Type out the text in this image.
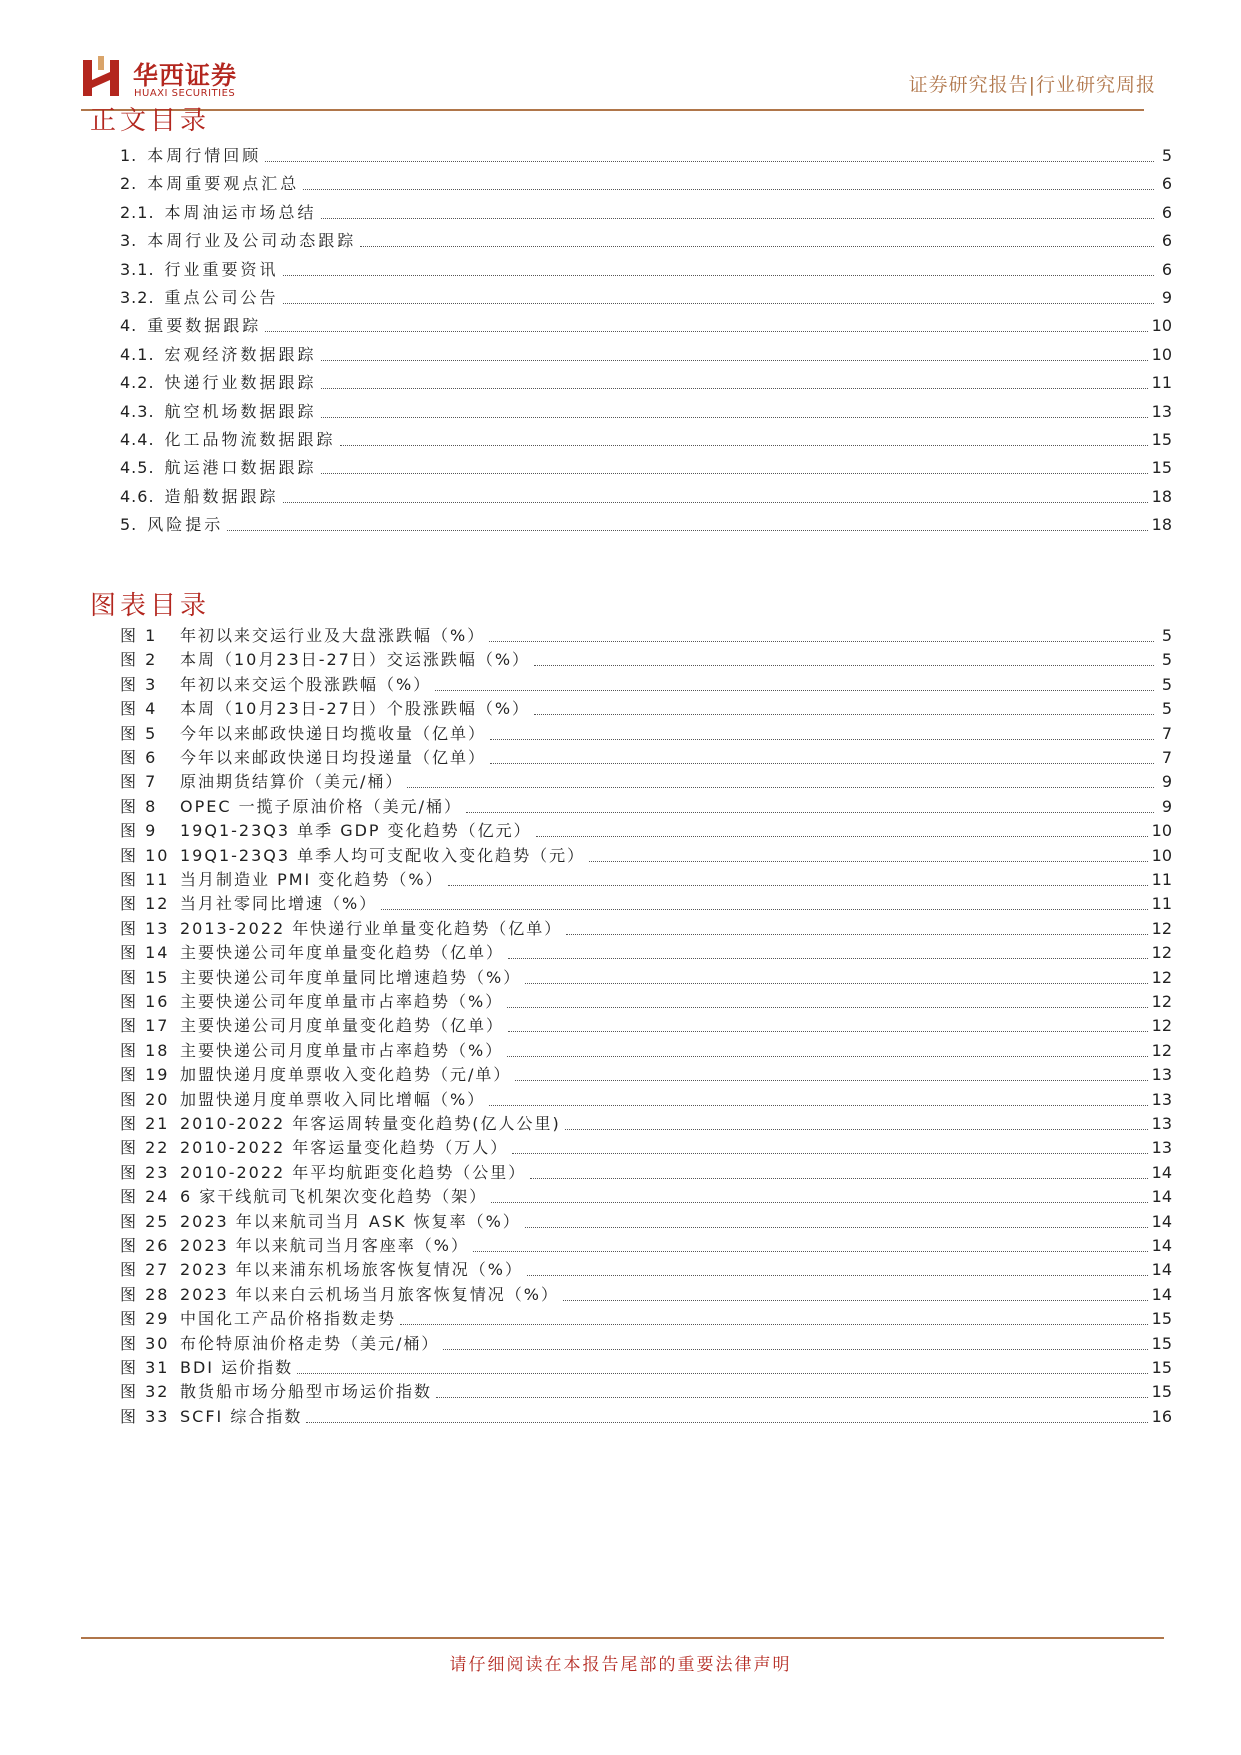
华西证券
HUAXI SECURITIES	证券研究报告|行业研究周报
正文目录
1. 本周行情回顾	5
2. 本周重要观点汇总	6
2.1. 本周油运市场总结	6
3. 本周行业及公司动态跟踪	6
3.1. 行业重要资讯	6
3.2. 重点公司公告	9
4. 重要数据跟踪	10
4.1. 宏观经济数据跟踪	10
4.2. 快递行业数据跟踪	11
4.3. 航空机场数据跟踪	13
4.4. 化工品物流数据跟踪	15
4.5. 航运港口数据跟踪	15
4.6. 造船数据跟踪	18
5. 风险提示	18
图表目录
图 1	年初以来交运行业及大盘涨跌幅（%）	5
图 2	本周（10月23日-27日）交运涨跌幅（%）	5
图 3	年初以来交运个股涨跌幅（%）	5
图 4	本周（10月23日-27日）个股涨跌幅（%）	5
图 5	今年以来邮政快递日均揽收量（亿单）	7
图 6	今年以来邮政快递日均投递量（亿单）	7
图 7	原油期货结算价（美元/桶）	9
图 8	OPEC 一揽子原油价格（美元/桶）	9
图 9	19Q1-23Q3 单季 GDP 变化趋势（亿元）	10
图 10 19Q1-23Q3 单季人均可支配收入变化趋势（元）	10
图 11 当月制造业 PMI 变化趋势（%）	11
图 12 当月社零同比增速（%）	11
图 13 2013-2022 年快递行业单量变化趋势（亿单）	12
图 14 主要快递公司年度单量变化趋势（亿单）	12
图 15 主要快递公司年度单量同比增速趋势（%）	12
图 16 主要快递公司年度单量市占率趋势（%）	12
图 17 主要快递公司月度单量变化趋势（亿单）	12
图 18 主要快递公司月度单量市占率趋势（%）	12
图 19 加盟快递月度单票收入变化趋势（元/单）	13
图 20 加盟快递月度单票收入同比增幅（%）	13
图 21 2010-2022 年客运周转量变化趋势(亿人公里)	13
图 22 2010-2022 年客运量变化趋势（万人）	13
图 23 2010-2022 年平均航距变化趋势（公里）	14
图 24 6 家干线航司飞机架次变化趋势（架）	14
图 25 2023 年以来航司当月 ASK 恢复率（%）	14
图 26 2023 年以来航司当月客座率（%）	14
图 27 2023 年以来浦东机场旅客恢复情况（%）	14
图 28 2023 年以来白云机场当月旅客恢复情况（%）	14
图 29 中国化工产品价格指数走势	15
图 30 布伦特原油价格走势（美元/桶）	15
图 31 BDI 运价指数	15
图 32 散货船市场分船型市场运价指数	15
图 33 SCFI 综合指数	16
请仔细阅读在本报告尾部的重要法律声明
